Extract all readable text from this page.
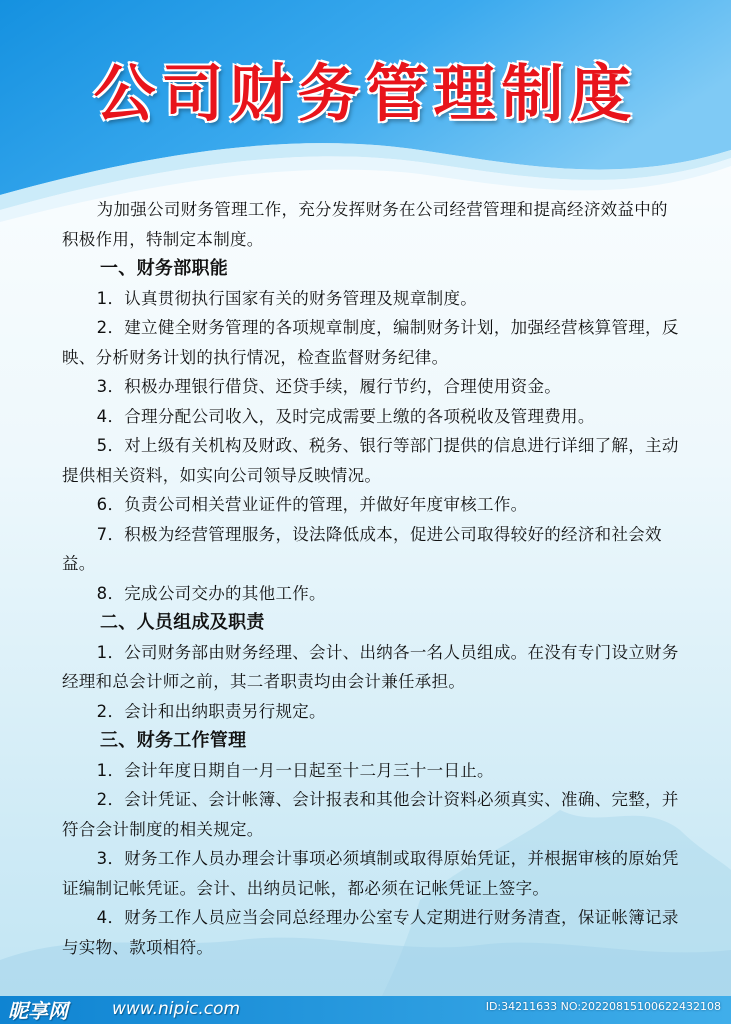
公司财务管理制度

为加强公司财务管理工作，充分发挥财务在公司经营管理和提高经济效益中的积极作用，特制定本制度。

一、财务部职能

1．认真贯彻执行国家有关的财务管理及规章制度。

2．建立健全财务管理的各项规章制度，编制财务计划，加强经营核算管理，反映、分析财务计划的执行情况，检查监督财务纪律。

3．积极办理银行借贷、还贷手续，履行节约，合理使用资金。

4．合理分配公司收入，及时完成需要上缴的各项税收及管理费用。

5．对上级有关机构及财政、税务、银行等部门提供的信息进行详细了解，主动提供相关资料，如实向公司领导反映情况。

6．负责公司相关营业证件的管理，并做好年度审核工作。

7．积极为经营管理服务，设法降低成本，促进公司取得较好的经济和社会效益。

8．完成公司交办的其他工作。

二、人员组成及职责

1．公司财务部由财务经理、会计、出纳各一名人员组成。在没有专门设立财务经理和总会计师之前，其二者职责均由会计兼任承担。

2．会计和出纳职责另行规定。

三、财务工作管理

1．会计年度日期自一月一日起至十二月三十一日止。

2．会计凭证、会计帐簿、会计报表和其他会计资料必须真实、准确、完整，并符合会计制度的相关规定。

3．财务工作人员办理会计事项必须填制或取得原始凭证，并根据审核的原始凭证编制记帐凭证。会计、出纳员记帐，都必须在记帐凭证上签字。

4．财务工作人员应当会同总经理办公室专人定期进行财务清查，保证帐簿记录与实物、款项相符。

昵享网	www.nipic.com	ID:34211633 NO:20220815100622432108
